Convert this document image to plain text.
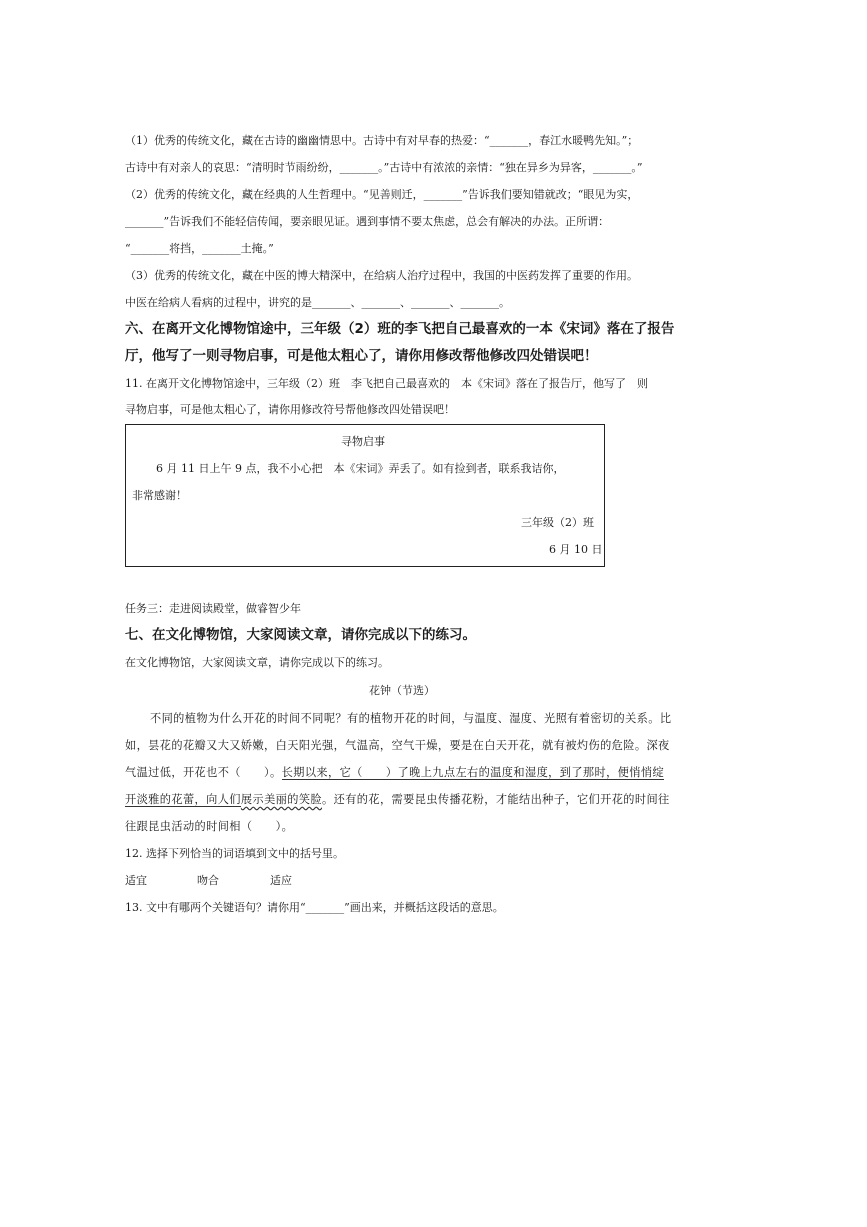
（1）优秀的传统文化，藏在古诗的幽幽情思中。古诗中有对早春的热爱：“_______，春江水暖鸭先知。”；
古诗中有对亲人的哀思：“清明时节雨纷纷，_______。”古诗中有浓浓的亲情：“独在异乡为异客，_______。”
（2）优秀的传统文化，藏在经典的人生哲理中。“见善则迁，_______”告诉我们要知错就改；“眼见为实，
_______”告诉我们不能轻信传闻，要亲眼见证。遇到事情不要太焦虑，总会有解决的办法。正所谓：
“_______将挡，_______土掩。”
（3）优秀的传统文化，藏在中医的博大精深中，在给病人治疗过程中，我国的中医药发挥了重要的作用。
中医在给病人看病的过程中，讲究的是_______、_______、_______、_______。
六、在离开文化博物馆途中，三年级（2）班的李飞把自己最喜欢的一本《宋词》落在了报告
厅，他写了一则寻物启事，可是他太粗心了，请你用修改帮他修改四处错误吧！
11. 在离开文化博物馆途中，三年级（2）班　李飞把自己最喜欢的　本《宋词》落在了报告厅，他写了　则
寻物启事，可是他太粗心了，请你用修改符号帮他修改四处错误吧！
寻物启事
6 月 11 日上午 9 点，我不小心把　本《宋词》弄丢了。如有捡到者，联系我诘你，
非常感谢！
三年级（2）班
6 月 10 日
任务三：走进阅读殿堂，做睿智少年
七、在文化博物馆，大家阅读文章，请你完成以下的练习。
在文化博物馆，大家阅读文章，请你完成以下的练习。
花钟（节选）
不同的植物为什么开花的时间不同呢？有的植物开花的时间，与温度、湿度、光照有着密切的关系。比
如，昙花的花瓣又大又娇嫩，白天阳光强，气温高，空气干燥，要是在白天开花，就有被灼伤的危险。深夜
气温过低，开花也不（　　）。长期以来，它（　　）了晚上九点左右的温度和湿度，到了那时，便悄悄绽
开淡雅的花蕾，向人们展示美丽的笑脸。还有的花，需要昆虫传播花粉，才能结出种子，它们开花的时间往
往跟昆虫活动的时间相（　　）。
12. 选择下列恰当的词语填到文中的括号里。
适宜	吻合	适应
13. 文中有哪两个关键语句？请你用“_______”画出来，并概括这段话的意思。
